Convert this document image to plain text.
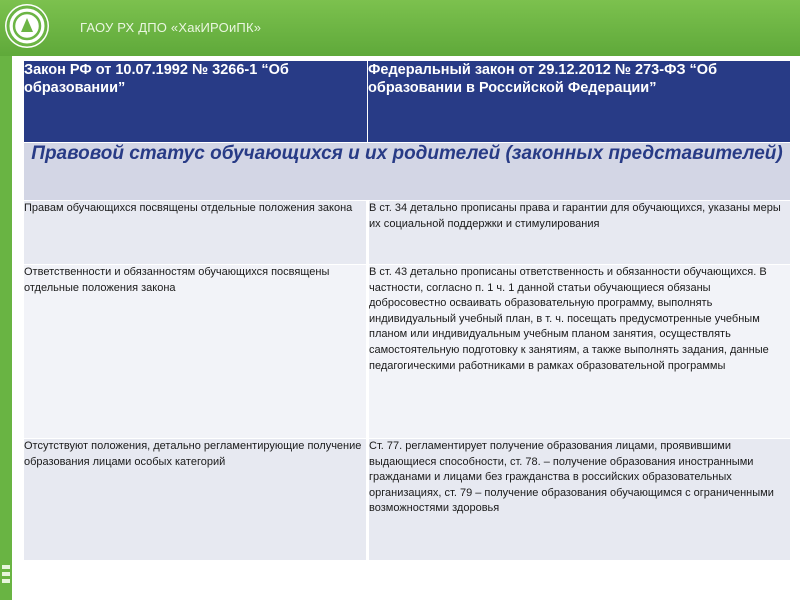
ГАОУ РХ ДПО «ХакИРОиПК»
Закон РФ от 10.07.1992 № 3266-1 “Об образовании”	Федеральный закон от 29.12.2012 № 273-ФЗ “Об образовании в Российской Федерации”
Правовой статус обучающихся и их родителей (законных представителей)	
Правам обучающихся посвящены отдельные положения закона	В ст. 34 детально прописаны права и гарантии для обучающихся, указаны меры их социальной поддержки и стимулирования
Ответственности и обязанностям обучающихся посвящены отдельные положения закона	В ст. 43 детально прописаны ответственность и обязанности обучающихся. В частности, согласно п. 1 ч. 1 данной статьи обучающиеся обязаны добросовестно осваивать образовательную программу, выполнять индивидуальный учебный план, в т. ч. посещать предусмотренные учебным планом или индивидуальным учебным планом занятия, осуществлять самостоятельную подготовку к занятиям, а также выполнять задания, данные педагогическими работниками в рамках образовательной программы
Отсутствуют положения, детально регламентирующие получение образования лицами особых категорий	Ст. 77. регламентирует получение образования лицами, проявившими выдающиеся способности, ст. 78. – получение образования иностранными гражданами и лицами без гражданства в российских образовательных организациях, ст. 79 – получение образования обучающимся с ограниченными возможностями здоровья
